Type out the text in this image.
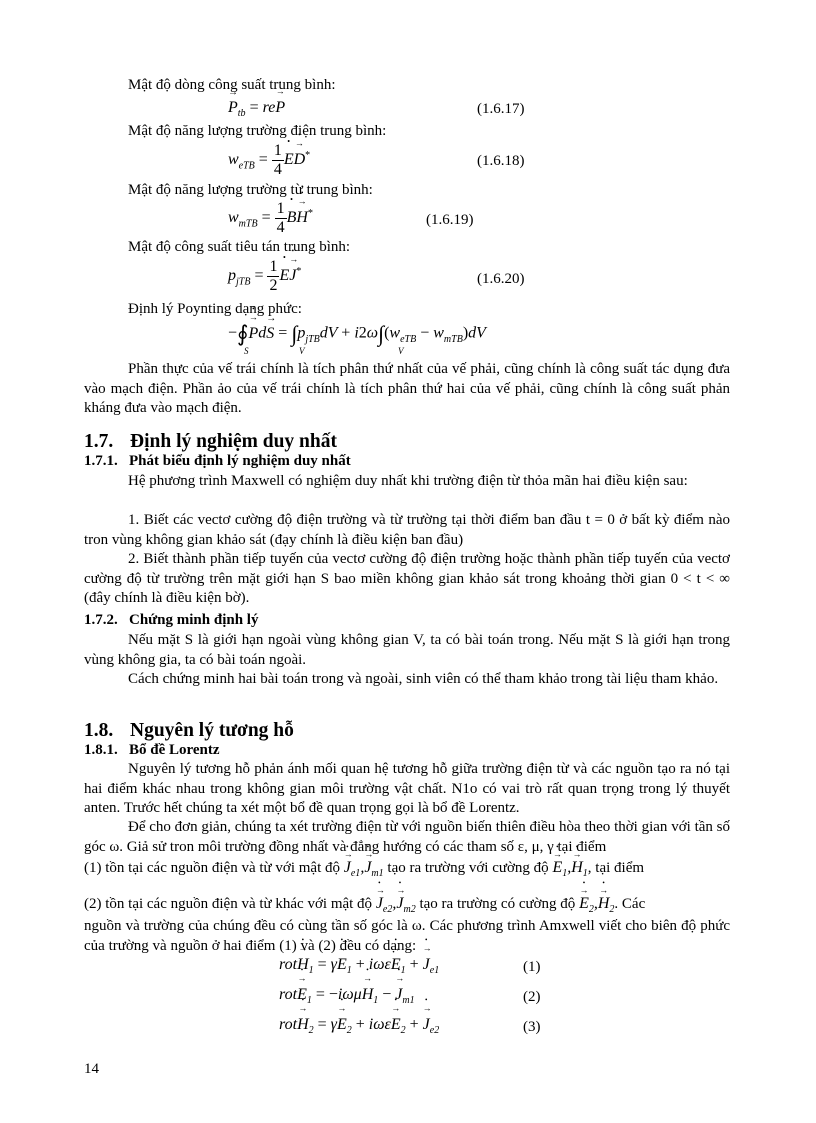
Mật độ dòng công suất trung bình:
→ $P_{tb} = re\to P$ •	(1.6.17)
Mật độ năng lượng trường điện trung bình:
$w_{eTB} = \frac{1}{4}$ E •→ D •*	(1.6.18)
Mật độ năng lượng trường từ trung bình:
$w_{mTB} = \frac{1}{4}$ B •→ H •*	(1.6.19)
Mật độ công suất tiêu tán trung bình:
$p_{jTB} = \frac{1}{2}$ E •→ J •*	(1.6.20)
Định lý Poynting dạng phức:
−∮→ P •d→ $S = \int p_{jTB}dV + i2\omega\int(w_{eTB} - w_{mTB})dV$
S	V	V
Phần thực của vế trái chính là tích phân thứ nhất của vế phải, cũng chính là công suất tác dụng đưa vào mạch điện. Phần ảo của vế trái chính là tích phân thứ hai của vế phải, cũng chính là công suất phản kháng đưa vào mạch điện.
1.7. Định lý nghiệm duy nhất
1.7.1. Phát biểu định lý nghiệm duy nhất
Hệ phương trình Maxwell có nghiệm duy nhất khi trường điện từ thỏa mãn hai điều kiện sau:
1. Biết các vectơ cường độ điện trường và từ trường tại thời điểm ban đầu t = 0 ở bất kỳ điểm nào tron vùng không gian khảo sát (đạy chính là điều kiện ban đầu)
2. Biết thành phần tiếp tuyến của vectơ cường độ điện trường hoặc thành phần tiếp tuyến của vectơ cường độ từ trường trên mặt giới hạn S bao miền không gian khảo sát trong khoảng thời gian 0 < t < ∞ (đây chính là điều kiện bờ).
1.7.2. Chứng minh định lý
Nếu mặt S là giới hạn ngoài vùng không gian V, ta có bài toán trong. Nếu mặt S là giới hạn trong vùng không gia, ta có bài toán ngoài.
Cách chứng minh hai bài toán trong và ngoài, sinh viên có thể tham khảo trong tài liệu tham khảo.
1.8. Nguyên lý tương hỗ
1.8.1. Bổ đề Lorentz
Nguyên lý tương hỗ phản ánh mối quan hệ tương hỗ giữa trường điện từ và các nguồn tạo ra nó tại hai điểm khác nhau trong không gian môi trường vật chất. N1o có vai trò rất quan trọng trong lý thuyết anten. Trước hết chúng ta xét một bổ đề quan trọng gọi là bổ đề Lorentz.
Để cho đơn giản, chúng ta xét trường điện từ với nguồn biến thiên điều hòa theo thời gian với tần số góc ω. Giả sử tron môi trường đồng nhất và đẳng hướng có các tham số ε, μ, γ tại điểm
(1) tồn tại các nguồn điện và từ với mật độ → J $•_{e1},\to J$ $•_{m1}$ tạo ra trường với cường độ → E $•_1,\to H$ $•_1$, tại điểm
(2) tồn tại các nguồn điện và từ khác với mật độ → J $•_{e2},\to J$ $•_{m2}$ tạo ra trường có cường độ → E $•_2,\to H$ $•_2$. Các
nguồn và trường của chúng đều có cùng tần số góc là ω. Các phương trình Amxwell viết cho biên độ phức của trường và nguồn ở hai điểm (1) và (2) đều có dạng:
rot→ H $•_1 = \gamma\to E$ $•_1 + i\omega\varepsilon\to E$ $•_1$ + → J $•_{e1}$	(1)
rot→ E $•_1 = -i\omega\mu\to H$ $•_1$ − → J $•_{m1}$	(2)
rot→ H $•_2 = \gamma\to E$ $•_2 + i\omega\varepsilon\to E$ $•_2$ + → J $•_{e2}$	(3)
14
